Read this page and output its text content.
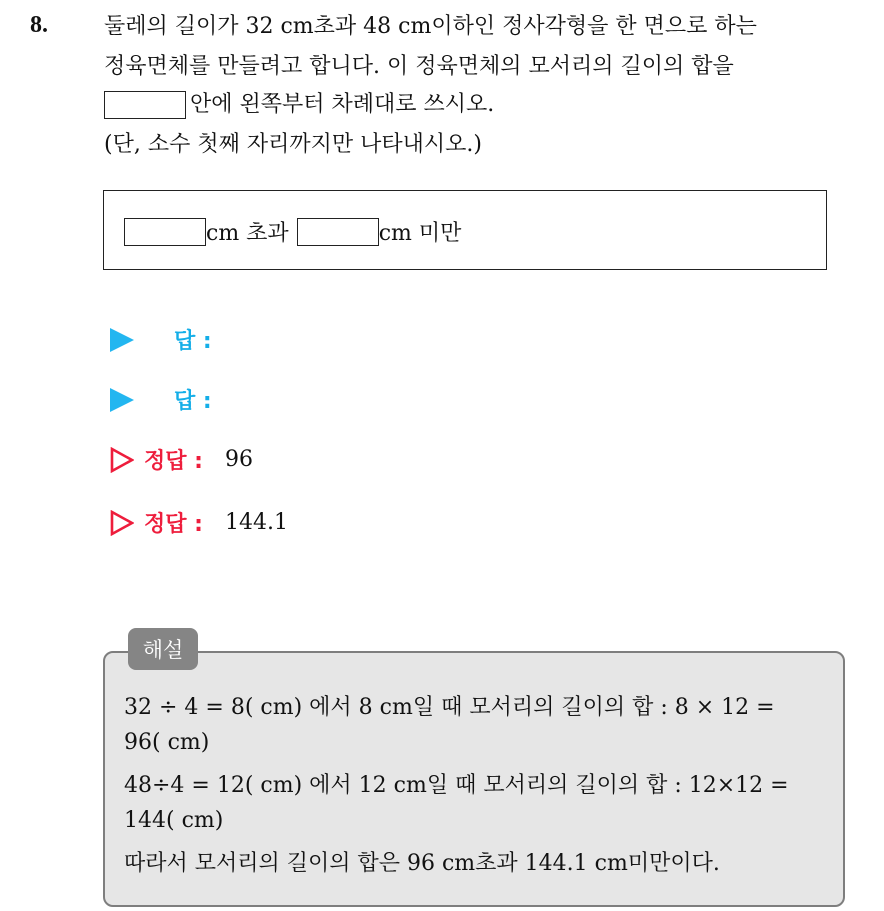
8.	둘레의 길이가 32 cm초과 48 cm이하인 정사각형을 한 면으로 하는
정육면체를 만들려고 합니다. 이 정육면체의 모서리의 길이의 합을
안에 왼쪽부터 차례대로 쓰시오.
(단, 소수 첫째 자리까지만 나타내시오.)
cm 초과	cm 미만
답 :
답 :
정답 : 96
정답 : 144.1
해설
32 ÷ 4 = 8( cm) 에서 8 cm일 때 모서리의 길이의 합 : 8 × 12 =
96( cm)
48÷4 = 12( cm) 에서 12 cm일 때 모서리의 길이의 합 : 12×12 =
144( cm)
따라서 모서리의 길이의 합은 96 cm초과 144.1 cm미만이다.
